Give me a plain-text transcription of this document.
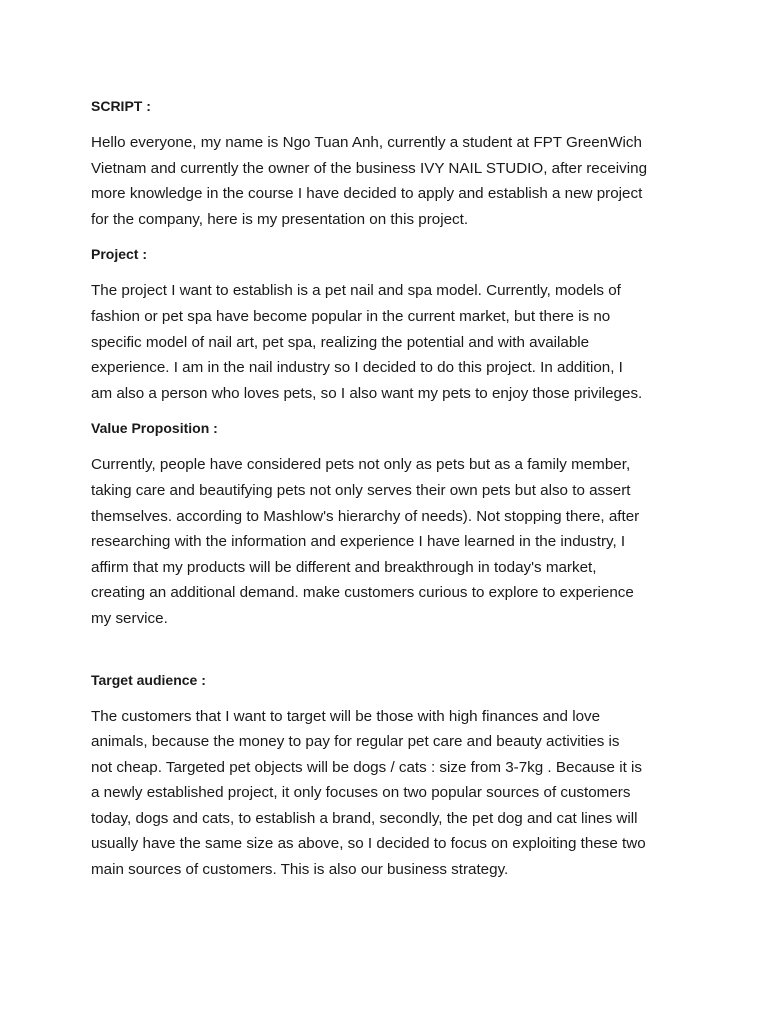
SCRIPT :

Hello everyone, my name is Ngo Tuan Anh, currently a student at FPT GreenWich
Vietnam and currently the owner of the business IVY NAIL STUDIO, after receiving
more knowledge in the course I have decided to apply and establish a new project
for the company, here is my presentation on this project.

Project :

The project I want to establish is a pet nail and spa model. Currently, models of
fashion or pet spa have become popular in the current market, but there is no
specific model of nail art, pet spa, realizing the potential and with available
experience. I am in the nail industry so I decided to do this project. In addition, I
am also a person who loves pets, so I also want my pets to enjoy those privileges.

Value Proposition :

Currently, people have considered pets not only as pets but as a family member,
taking care and beautifying pets not only serves their own pets but also to assert
themselves. according to Mashlow's hierarchy of needs). Not stopping there, after
researching with the information and experience I have learned in the industry, I
affirm that my products will be different and breakthrough in today's market,
creating an additional demand. make customers curious to explore to experience
my service.

Target audience :

The customers that I want to target will be those with high finances and love
animals, because the money to pay for regular pet care and beauty activities is
not cheap. Targeted pet objects will be dogs / cats : size from 3-7kg . Because it is
a newly established project, it only focuses on two popular sources of customers
today, dogs and cats, to establish a brand, secondly, the pet dog and cat lines will
usually have the same size as above, so I decided to focus on exploiting these two
main sources of customers. This is also our business strategy.
